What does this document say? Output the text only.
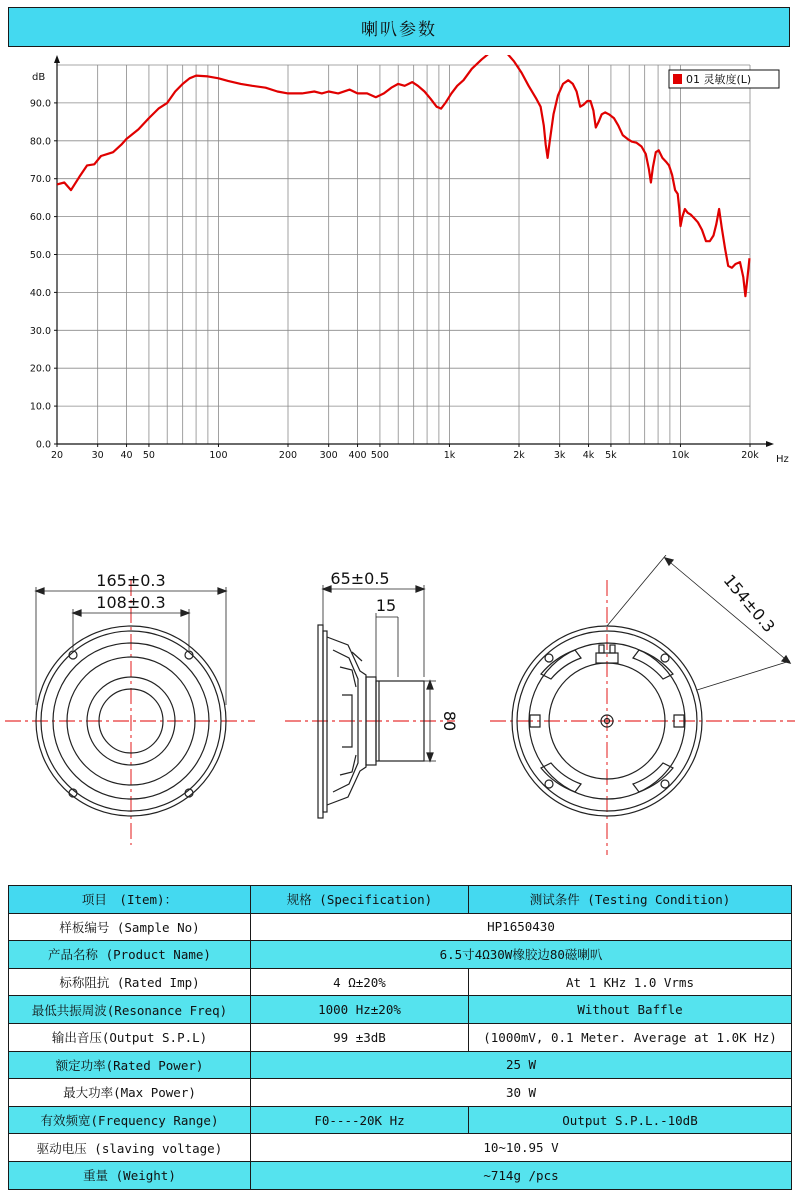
喇叭参数
20	30 40 50	100	200 300 400 500	1k	2k	3k 4k 5k	10k	20k
0.0
10.0
20.0
30.0
40.0
50.0
60.0
70.0
80.0
90.0
dB
Hz
01 灵敏度(L)
165±0.3
108±0.3
65±0.5
15
80
154±0.3
项目　(Item)：	规格 (Specification)	测试条件 (Testing Condition)
样板编号 (Sample No)	HP1650430	
产品名称 (Product Name)	6.5寸4Ω30W橡胶边80磁喇叭	
标称阻抗 (Rated Imp)	4 Ω±20%	At 1 KHz 1.0 Vrms
最低共振周波(Resonance Freq)	1000 Hz±20%	Without Baffle
输出音压(Output S.P.L)	99 ±3dB	(1000mV, 0.1 Meter. Average at 1.0K Hz)
额定功率(Rated Power)	25 W	
最大功率(Max Power)	30 W	
有效频宽(Frequency Range)	F0----20K Hz	Output S.P.L.-10dB
驱动电压 (slaving voltage)	10~10.95 V	
重量 (Weight)	~714g /pcs	
